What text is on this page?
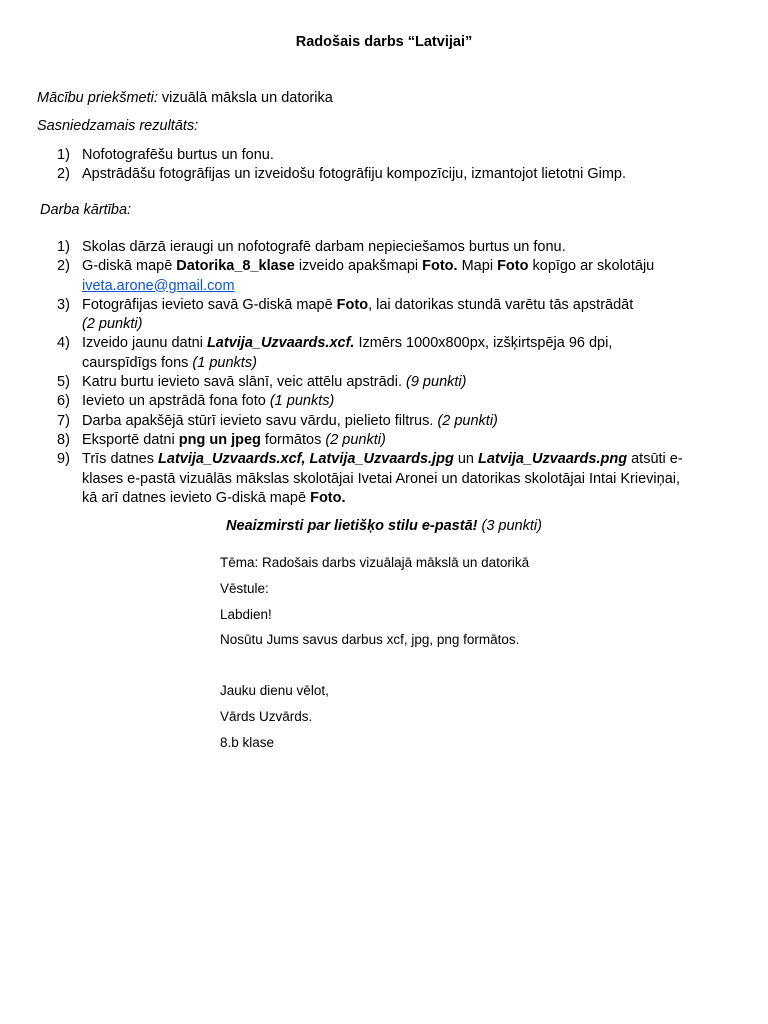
Radošais darbs “Latvijai”
Mācību priekšmeti: vizuālā māksla un datorika
Sasniedzamais rezultāts:
1) Nofotografēšu burtus un fonu.
2) Apstrādāšu fotogrāfijas un izveidošu fotogrāfiju kompozīciju, izmantojot lietotni Gimp.
Darba kārtība:
1) Skolas dārzā ieraugi un nofotografē darbam nepieciešamos burtus un fonu.
2) G-diskā mapē Datorika_8_klase izveido apakšmapi Foto. Mapi Foto kopīgo ar skolotāju
iveta.arone@gmail.com
3) Fotogrāfijas ievieto savā G-diskā mapē Foto, lai datorikas stundā varētu tās apstrādāt
(2 punkti)
4) Izveido jaunu datni Latvija_Uzvaards.xcf. Izmērs 1000x800px, izšķirtspēja 96 dpi,
caurspīdīgs fons (1 punkts)
5) Katru burtu ievieto savā slānī, veic attēlu apstrādi. (9 punkti)
6) Ievieto un apstrādā fona foto (1 punkts)
7) Darba apakšējā stūrī ievieto savu vārdu, pielieto filtrus. (2 punkti)
8) Eksportē datni png un jpeg formātos (2 punkti)
9) Trīs datnes Latvija_Uzvaards.xcf, Latvija_Uzvaards.jpg un Latvija_Uzvaards.png atsūti e-
klases e-pastā vizuālās mākslas skolotājai Ivetai Aronei un datorikas skolotājai Intai Krieviņai,
kā arī datnes ievieto G-diskā mapē Foto.
Neaizmirsti par lietišķo stilu e-pastā! (3 punkti)
Tēma: Radošais darbs vizuālajā mākslā un datorikā
Vēstule:
Labdien!
Nosūtu Jums savus darbus xcf, jpg, png formātos.
Jauku dienu vēlot,
Vārds Uzvārds.
8.b klase
